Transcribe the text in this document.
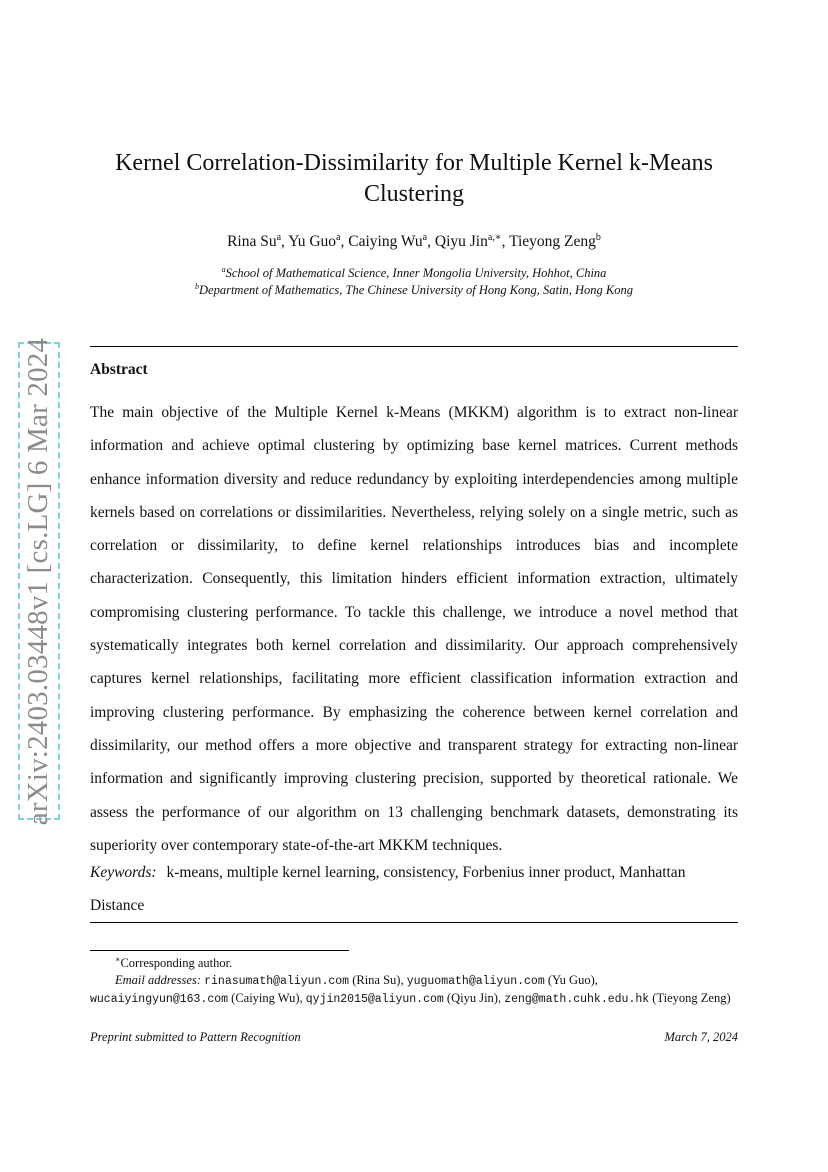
arXiv:2403.03448v1 [cs.LG] 6 Mar 2024
Kernel Correlation-Dissimilarity for Multiple Kernel k-Means
Clustering
Rina Su$^a$, Yu Guo$^a$, Caiying Wu$^a$, Qiyu Jin$^{a,∗}$, Tieyong Zeng$^b$
$^a$School of Mathematical Science, Inner Mongolia University, Hohhot, China
$^b$Department of Mathematics, The Chinese University of Hong Kong, Satin, Hong Kong
Abstract
The main objective of the Multiple Kernel k-Means (MKKM) algorithm is to extract non-linear information and achieve optimal clustering by optimizing base kernel matrices. Current methods enhance information diversity and reduce redundancy by exploiting interdependencies among multiple kernels based on correlations or dissimilarities. Nevertheless, relying solely on a single metric, such as correlation or dissimilarity, to define kernel relationships introduces bias and incomplete characterization. Consequently, this limitation hinders efficient information extraction, ultimately compromising clustering performance. To tackle this challenge, we introduce a novel method that systematically integrates both kernel correlation and dissimilarity. Our approach comprehensively captures kernel relationships, facilitating more efficient classification information extraction and improving clustering performance. By emphasizing the coherence between kernel correlation and dissimilarity, our method offers a more objective and transparent strategy for extracting non-linear information and significantly improving clustering precision, supported by theoretical rationale. We assess the performance of our algorithm on 13 challenging benchmark datasets, demonstrating its superiority over contemporary state-of-the-art MKKM techniques.
Keywords: k-means, multiple kernel learning, consistency, Forbenius inner product, Manhattan Distance
∗Corresponding author.
Email addresses: rinasumath@aliyun.com (Rina Su), yuguomath@aliyun.com (Yu Guo), wucaiyingyun@163.com (Caiying Wu), qyjin2015@aliyun.com (Qiyu Jin), zeng@math.cuhk.edu.hk (Tieyong Zeng)
Preprint submitted to Pattern Recognition	March 7, 2024
